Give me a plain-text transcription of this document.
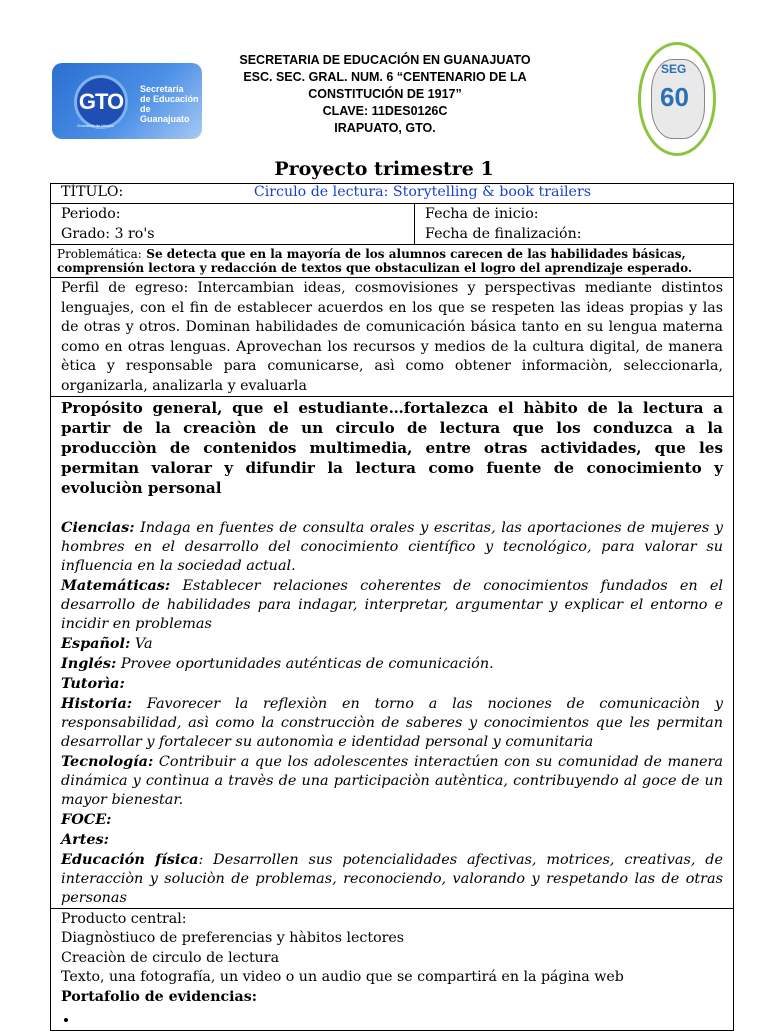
GTO
Grandeza de México
Secretaría
de Educación
de Guanajuato
SECRETARIA DE EDUCACIÓN EN GUANAJUATO
ESC. SEC. GRAL. NUM. 6 “CENTENARIO DE LA
CONSTITUCIÓN DE 1917”
CLAVE: 11DES0126C
IRAPUATO, GTO.
SEG
60
Proyecto trimestre 1
TÍTULO:	Circulo de lectura: Storytelling & book trailers

Periodo:
Grado: 3 ro's

Fecha de inicio:
Fecha de finalización:

Problemática: Se detecta que en la mayoría de los alumnos carecen de las habilidades básicas, comprensión lectora y redacción de textos que obstaculizan el logro del aprendizaje esperado.

Perfil de egreso: Intercambian ideas, cosmovisiones y perspectivas mediante distintos lenguajes, con el fin de establecer acuerdos en los que se respeten las ideas propias y las de otras y otros. Dominan habilidades de comunicación básica tanto en su lengua materna como en otras lenguas. Aprovechan los recursos y medios de la cultura digital, de manera ètica y responsable para comunicarse, asì como obtener informaciòn, seleccionarla, organizarla, analizarla y evaluarla

Propósito general, que el estudiante…fortalezca el hàbito de la lectura a partir de la creaciòn de un circulo de lectura que los conduzca a la producciòn de contenidos multimedia, entre otras actividades, que les permitan valorar y difundir la lectura como fuente de conocimiento y evoluciòn personal
Ciencias: Indaga en fuentes de consulta orales y escritas, las aportaciones de mujeres y hombres en el desarrollo del conocimiento científico y tecnológico, para valorar su influencia en la sociedad actual.
Matemáticas: Establecer relaciones coherentes de conocimientos fundados en el desarrollo de habilidades para indagar, interpretar, argumentar y explicar el entorno e incidir en problemas
Español: Va
Inglés: Provee oportunidades auténticas de comunicación.
Tutorìa:
Historia: Favorecer la reflexiòn en torno a las nociones de comunicaciòn y responsabilidad, asì como la construcciòn de saberes y conocimientos que les permitan desarrollar y fortalecer su autonomìa e identidad personal y comunitaria
Tecnología: Contribuir a que los adolescentes interactúen con su comunidad de manera dinámica y contìnua a travès de una participaciòn autèntica, contribuyendo al goce de un mayor bienestar.
FOCE:
Artes:
Educación física: Desarrollen sus potencialidades afectivas, motrices, creativas, de interacciòn y soluciòn de problemas, reconociendo, valorando y respetando las de otras personas

Producto central:
Diagnòstiuco de preferencias y hàbitos lectores
Creaciòn de circulo de lectura
Texto, una fotografía, un video o un audio que se compartirá en la página web
Portafolio de evidencias:
•
